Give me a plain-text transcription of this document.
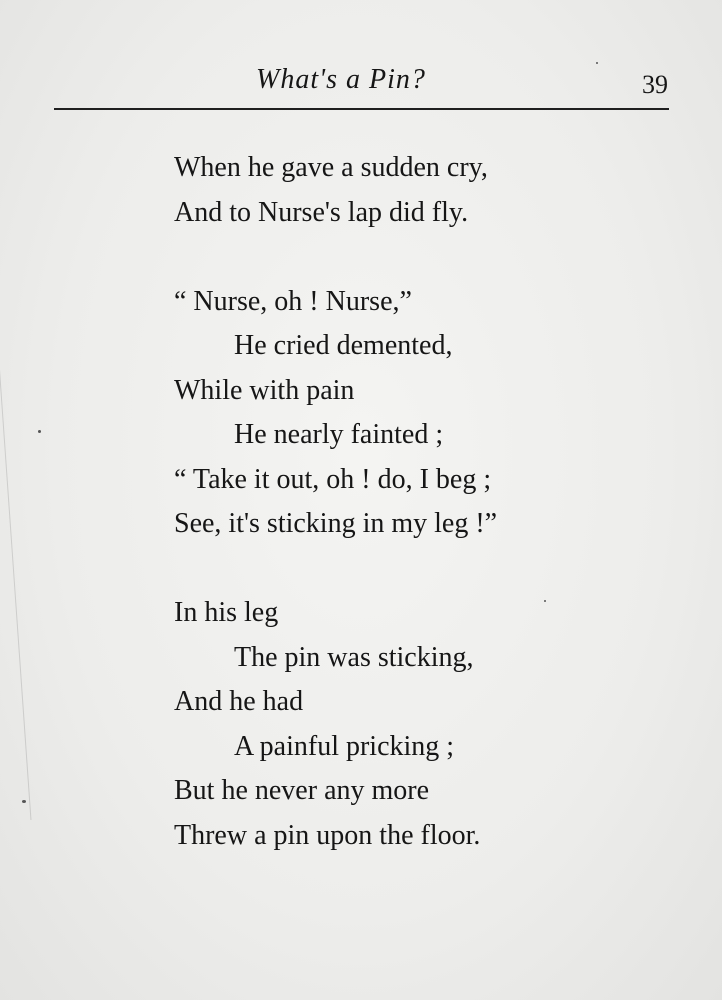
What's a Pin?	39
When he gave a sudden cry,
And to Nurse's lap did fly.
“ Nurse, oh ! Nurse,”
He cried demented,
While with pain
He nearly fainted ;
“ Take it out, oh ! do, I beg ;
See, it's sticking in my leg !”
In his leg
The pin was sticking,
And he had
A painful pricking ;
But he never any more
Threw a pin upon the floor.
